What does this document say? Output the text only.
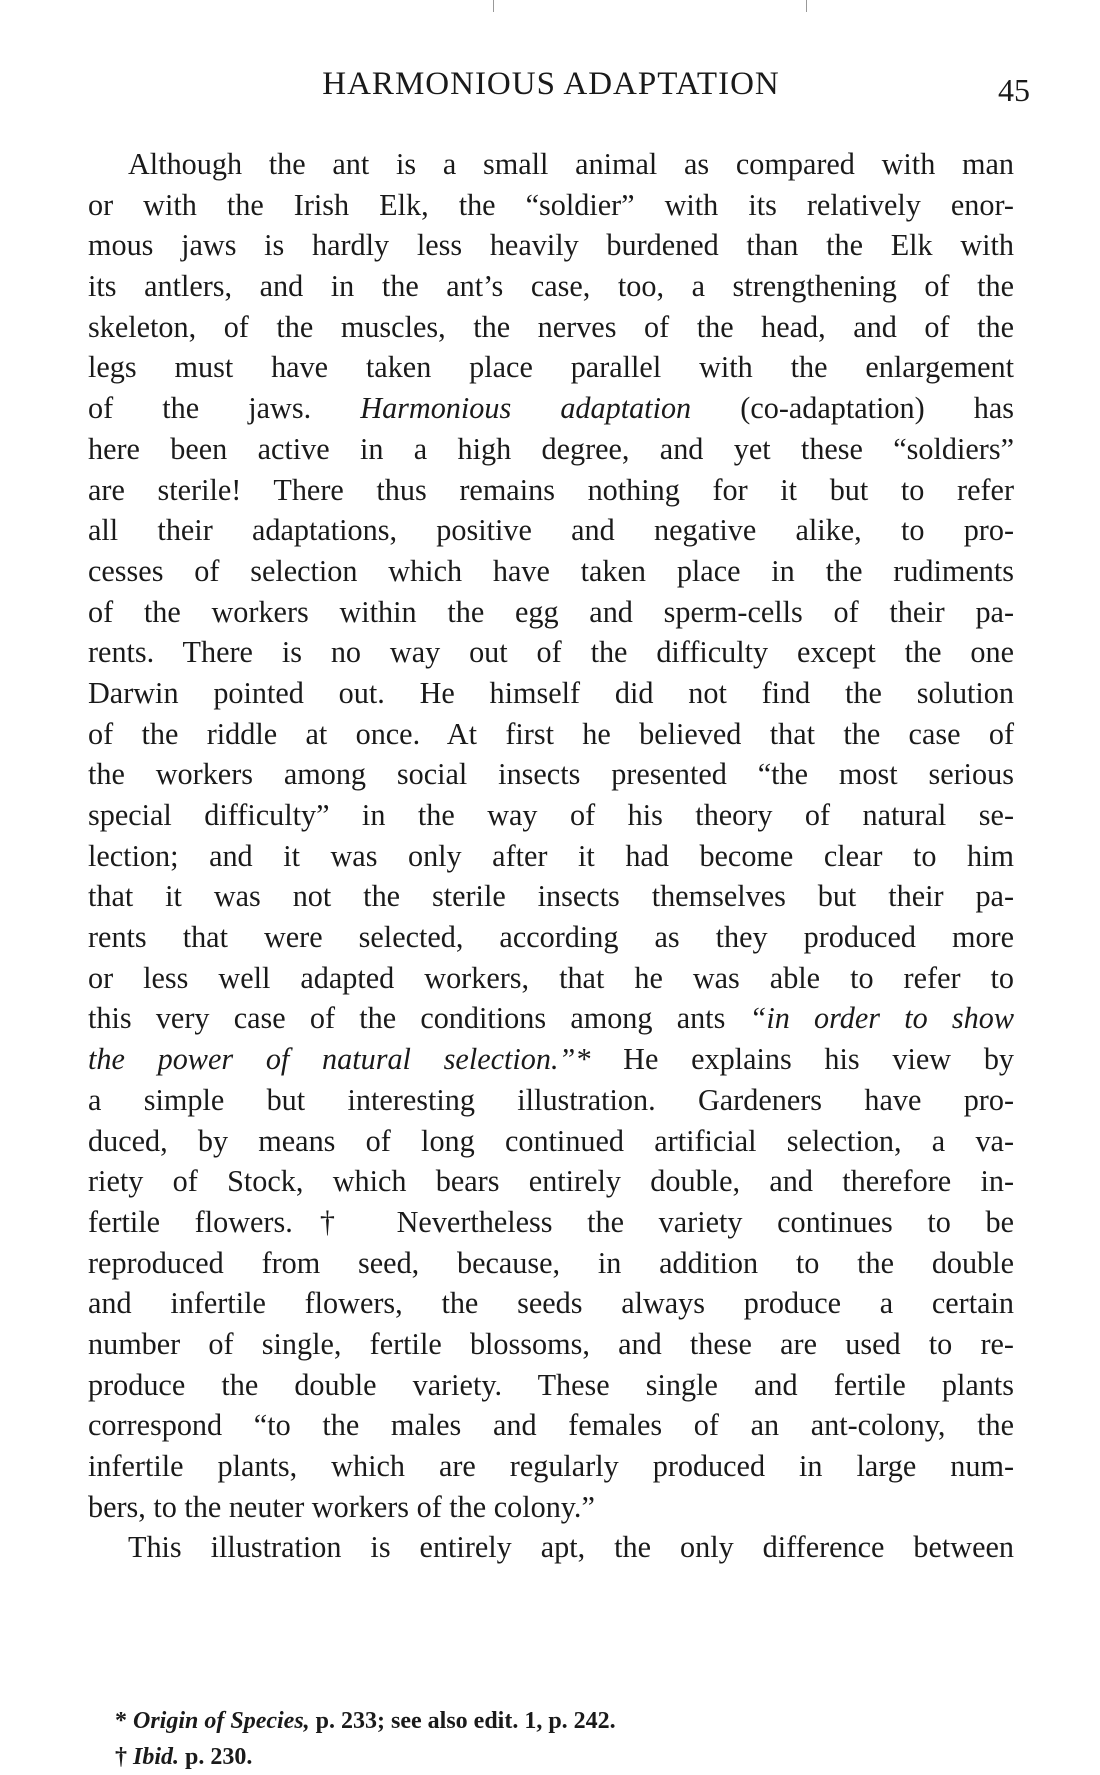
HARMONIOUS ADAPTATION	45
Although the ant is a small animal as compared with man
or with the Irish Elk, the “soldier” with its relatively enor-
mous jaws is hardly less heavily burdened than the Elk with
its antlers, and in the ant’s case, too, a strengthening of the
skeleton, of the muscles, the nerves of the head, and of the
legs must have taken place parallel with the enlargement
of the jaws. Harmonious adaptation (co-adaptation) has
here been active in a high degree, and yet these “soldiers”
are sterile! There thus remains nothing for it but to refer
all their adaptations, positive and negative alike, to pro-
cesses of selection which have taken place in the rudiments
of the workers within the egg and sperm-cells of their pa-
rents. There is no way out of the difficulty except the one
Darwin pointed out. He himself did not find the solution
of the riddle at once. At first he believed that the case of
the workers among social insects presented “the most serious
special difficulty” in the way of his theory of natural se-
lection; and it was only after it had become clear to him
that it was not the sterile insects themselves but their pa-
rents that were selected, according as they produced more
or less well adapted workers, that he was able to refer to
this very case of the conditions among ants “in order to show
the power of natural selection.”* He explains his view by
a simple but interesting illustration. Gardeners have pro-
duced, by means of long continued artificial selection, a va-
riety of Stock, which bears entirely double, and therefore in-
fertile flowers.† Nevertheless the variety continues to be
reproduced from seed, because, in addition to the double
and infertile flowers, the seeds always produce a certain
number of single, fertile blossoms, and these are used to re-
produce the double variety. These single and fertile plants
correspond “to the males and females of an ant-colony, the
infertile plants, which are regularly produced in large num-
bers, to the neuter workers of the colony.”
This illustration is entirely apt, the only difference between
* Origin of Species, p. 233; see also edit. 1, p. 242.
† Ibid. p. 230.
